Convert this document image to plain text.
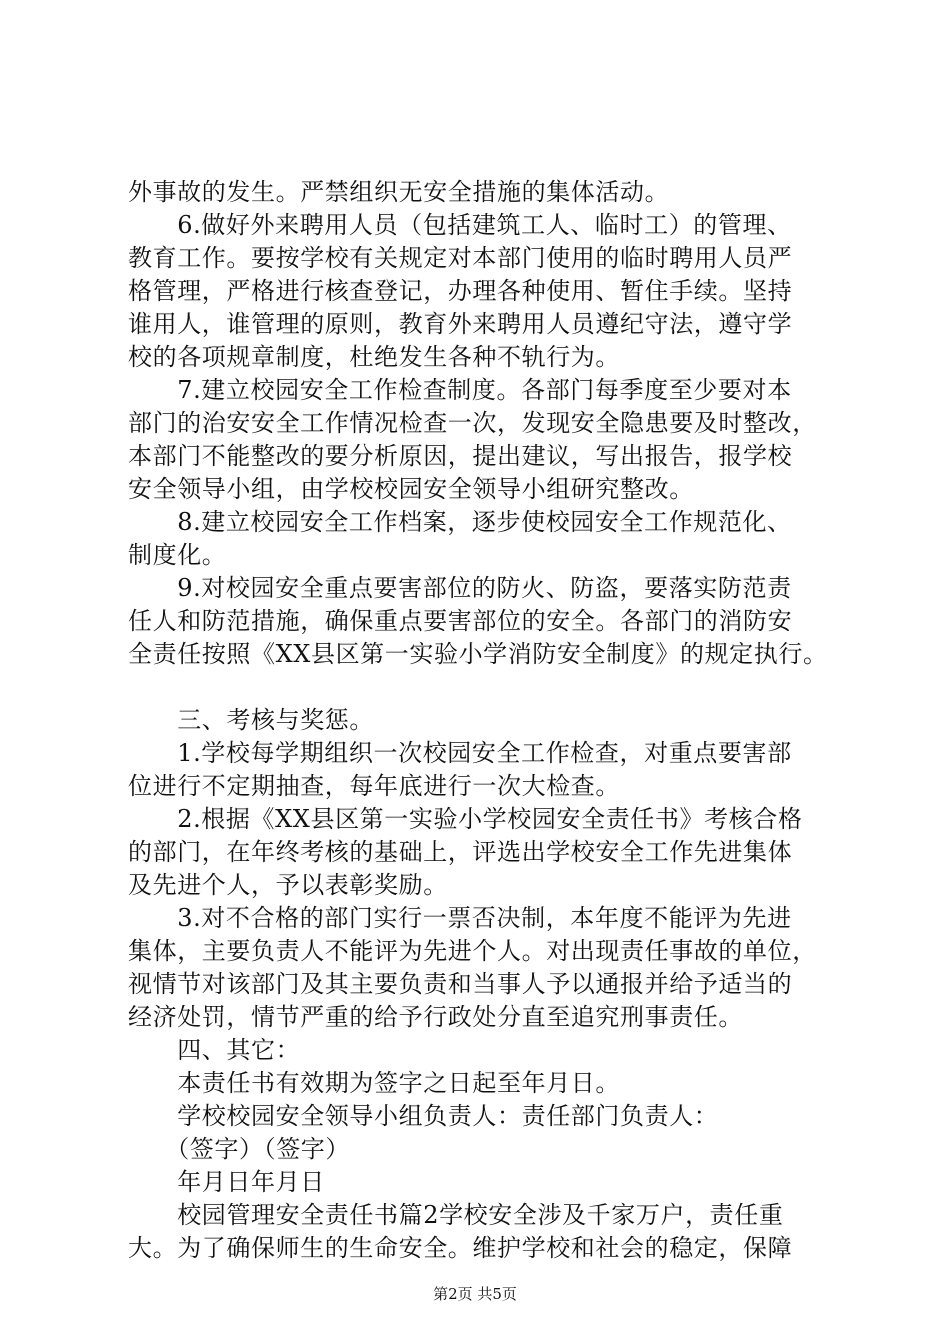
外事故的发生。严禁组织无安全措施的集体活动。
　　6.做好外来聘用人员（包括建筑工人、临时工）的管理、
教育工作。要按学校有关规定对本部门使用的临时聘用人员严
格管理，严格进行核查登记，办理各种使用、暂住手续。坚持
谁用人，谁管理的原则，教育外来聘用人员遵纪守法，遵守学
校的各项规章制度，杜绝发生各种不轨行为。
　　7.建立校园安全工作检查制度。各部门每季度至少要对本
部门的治安安全工作情况检查一次，发现安全隐患要及时整改，
本部门不能整改的要分析原因，提出建议，写出报告，报学校
安全领导小组，由学校校园安全领导小组研究整改。
　　8.建立校园安全工作档案，逐步使校园安全工作规范化、
制度化。
　　9.对校园安全重点要害部位的防火、防盗，要落实防范责
任人和防范措施，确保重点要害部位的安全。各部门的消防安
全责任按照《XX县区第一实验小学消防安全制度》的规定执行。
　　三、考核与奖惩。
　　1.学校每学期组织一次校园安全工作检查，对重点要害部
位进行不定期抽查，每年底进行一次大检查。
　　2.根据《XX县区第一实验小学校园安全责任书》考核合格
的部门，在年终考核的基础上，评选出学校安全工作先进集体
及先进个人，予以表彰奖励。
　　3.对不合格的部门实行一票否决制，本年度不能评为先进
集体，主要负责人不能评为先进个人。对出现责任事故的单位，
视情节对该部门及其主要负责和当事人予以通报并给予适当的
经济处罚，情节严重的给予行政处分直至追究刑事责任。
　　四、其它：
　　本责任书有效期为签字之日起至年月日。
　　学校校园安全领导小组负责人：责任部门负责人：
　　（签字）（签字）
　　年月日年月日
　　校园管理安全责任书篇2学校安全涉及千家万户，责任重
大。为了确保师生的生命安全。维护学校和社会的稳定，保障
第2页 共5页
